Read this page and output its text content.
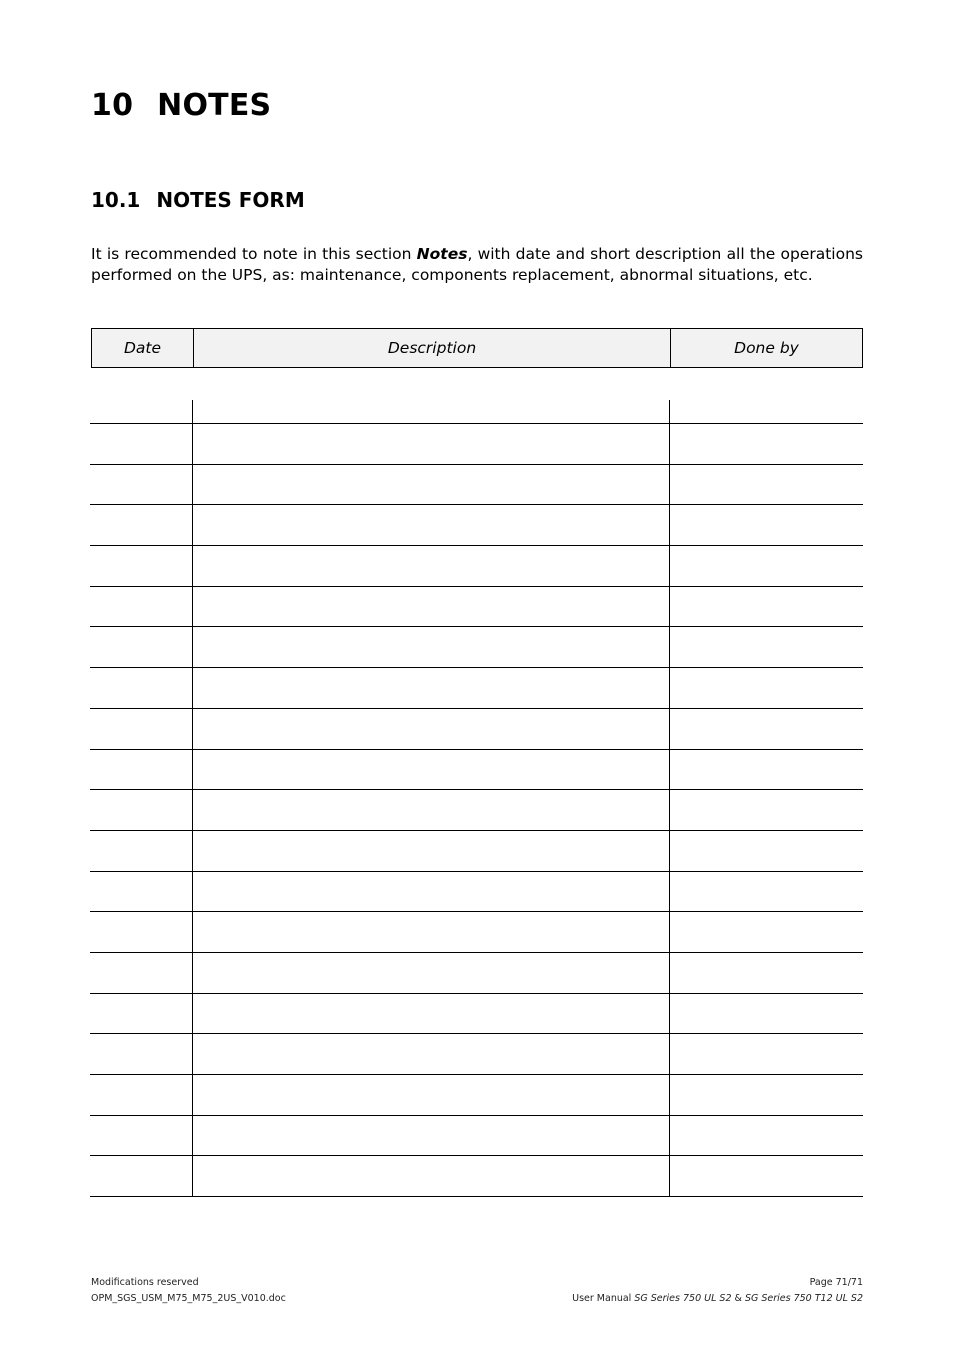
10 NOTES
10.1 NOTES FORM

It is recommended to note in this section Notes, with date and short description all the operations performed on the UPS, as: maintenance, components replacement, abnormal situations, etc.

Date	Description	Done by
Modifications reserved	Page 71/71
OPM_SGS_USM_M75_M75_2US_V010.doc	User Manual SG Series 750 UL S2 & SG Series 750 T12 UL S2
